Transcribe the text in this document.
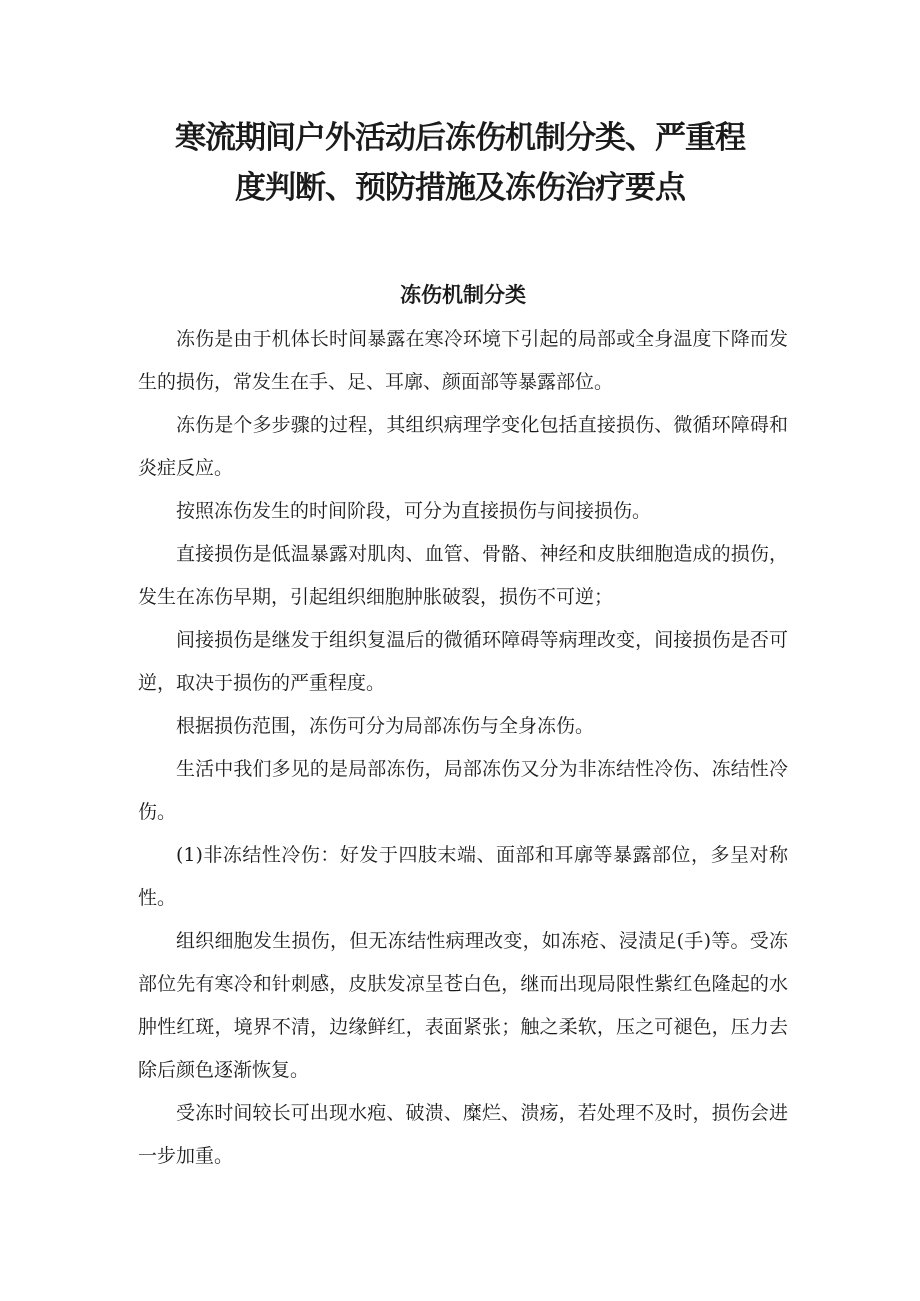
寒流期间户外活动后冻伤机制分类、严重程
度判断、预防措施及冻伤治疗要点
冻伤机制分类

冻伤是由于机体长时间暴露在寒冷环境下引起的局部或全身温度下降而发生的损伤，常发生在手、足、耳廓、颜面部等暴露部位。

冻伤是个多步骤的过程，其组织病理学变化包括直接损伤、微循环障碍和炎症反应。

按照冻伤发生的时间阶段，可分为直接损伤与间接损伤。

直接损伤是低温暴露对肌肉、血管、骨骼、神经和皮肤细胞造成的损伤，发生在冻伤早期，引起组织细胞肿胀破裂，损伤不可逆；

间接损伤是继发于组织复温后的微循环障碍等病理改变，间接损伤是否可逆，取决于损伤的严重程度。

根据损伤范围，冻伤可分为局部冻伤与全身冻伤。

生活中我们多见的是局部冻伤，局部冻伤又分为非冻结性冷伤、冻结性冷伤。

(1)非冻结性冷伤：好发于四肢末端、面部和耳廓等暴露部位，多呈对称性。

组织细胞发生损伤，但无冻结性病理改变，如冻疮、浸渍足(手)等。受冻部位先有寒冷和针刺感，皮肤发凉呈苍白色，继而出现局限性紫红色隆起的水肿性红斑，境界不清，边缘鲜红，表面紧张；触之柔软，压之可褪色，压力去除后颜色逐渐恢复。

受冻时间较长可出现水疱、破溃、糜烂、溃疡，若处理不及时，损伤会进一步加重。
